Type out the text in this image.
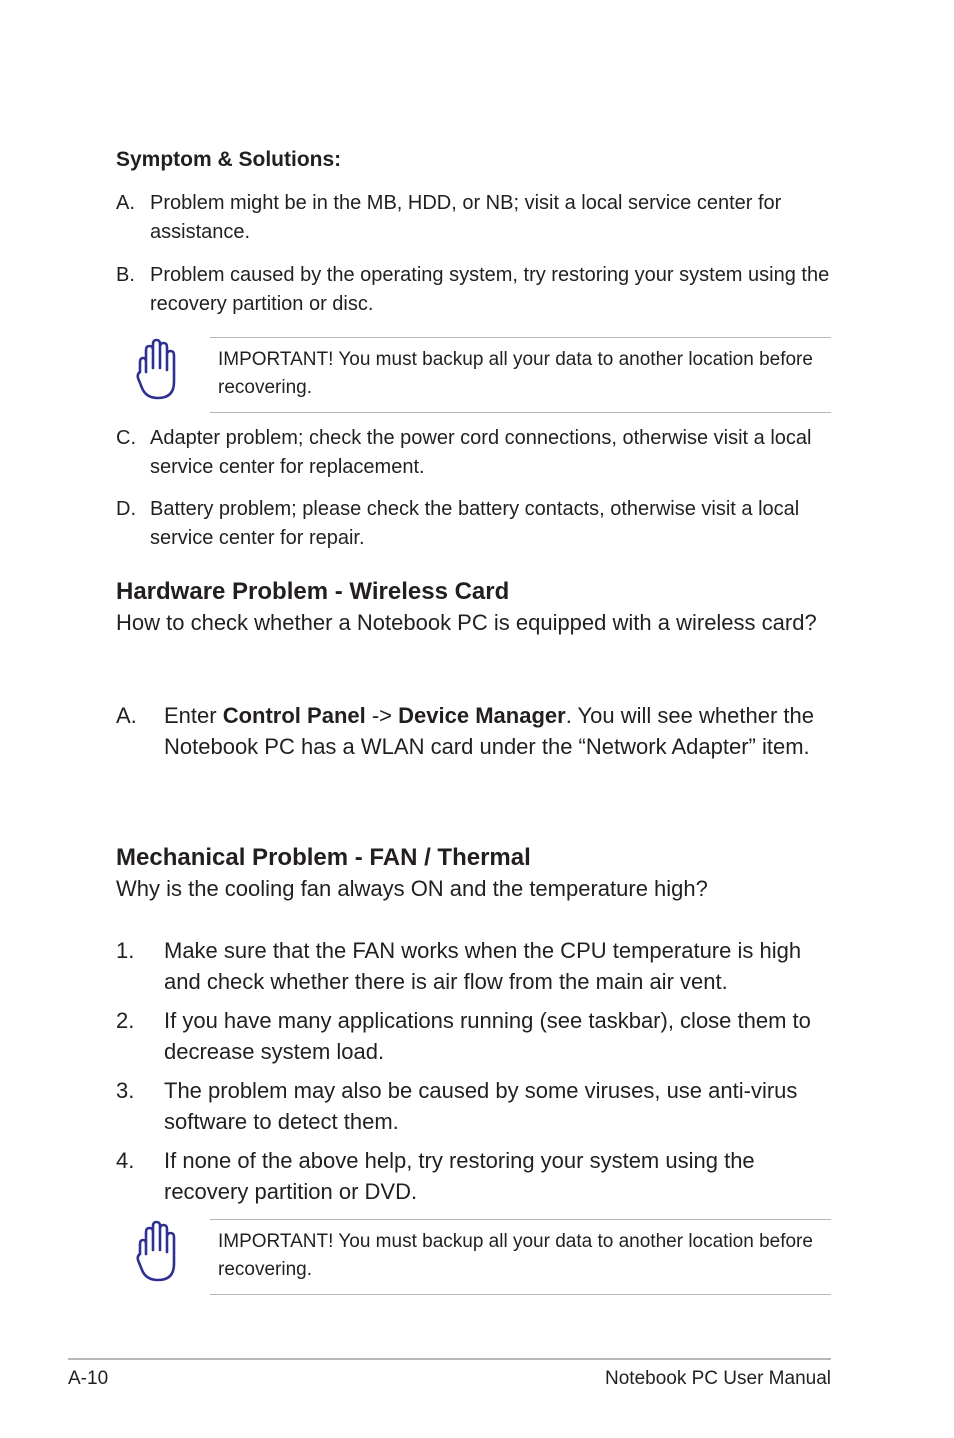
Symptom & Solutions:
A. Problem might be in the MB, HDD, or NB; visit a local service center for assistance.
B. Problem caused by the operating system, try restoring your system using the recovery partition or disc.
IMPORTANT! You must backup all your data to another location before recovering.
C. Adapter problem; check the power cord connections, otherwise visit a local service center for replacement.
D. Battery problem; please check the battery contacts, otherwise visit a local service center for repair.
Hardware Problem - Wireless Card
How to check whether a Notebook PC is equipped with a wireless card?
A. Enter Control Panel -> Device Manager. You will see whether the Notebook PC has a WLAN card under the “Network Adapter” item.
Mechanical Problem - FAN / Thermal
Why is the cooling fan always ON and the temperature high?
1. Make sure that the FAN works when the CPU temperature is high and check whether there is air flow from the main air vent.
2. If you have many applications running (see taskbar), close them to decrease system load.
3. The problem may also be caused by some viruses, use anti-virus software to detect them.
4. If none of the above help, try restoring your system using the recovery partition or DVD.
IMPORTANT! You must backup all your data to another location before recovering.
A-10	Notebook PC User Manual
